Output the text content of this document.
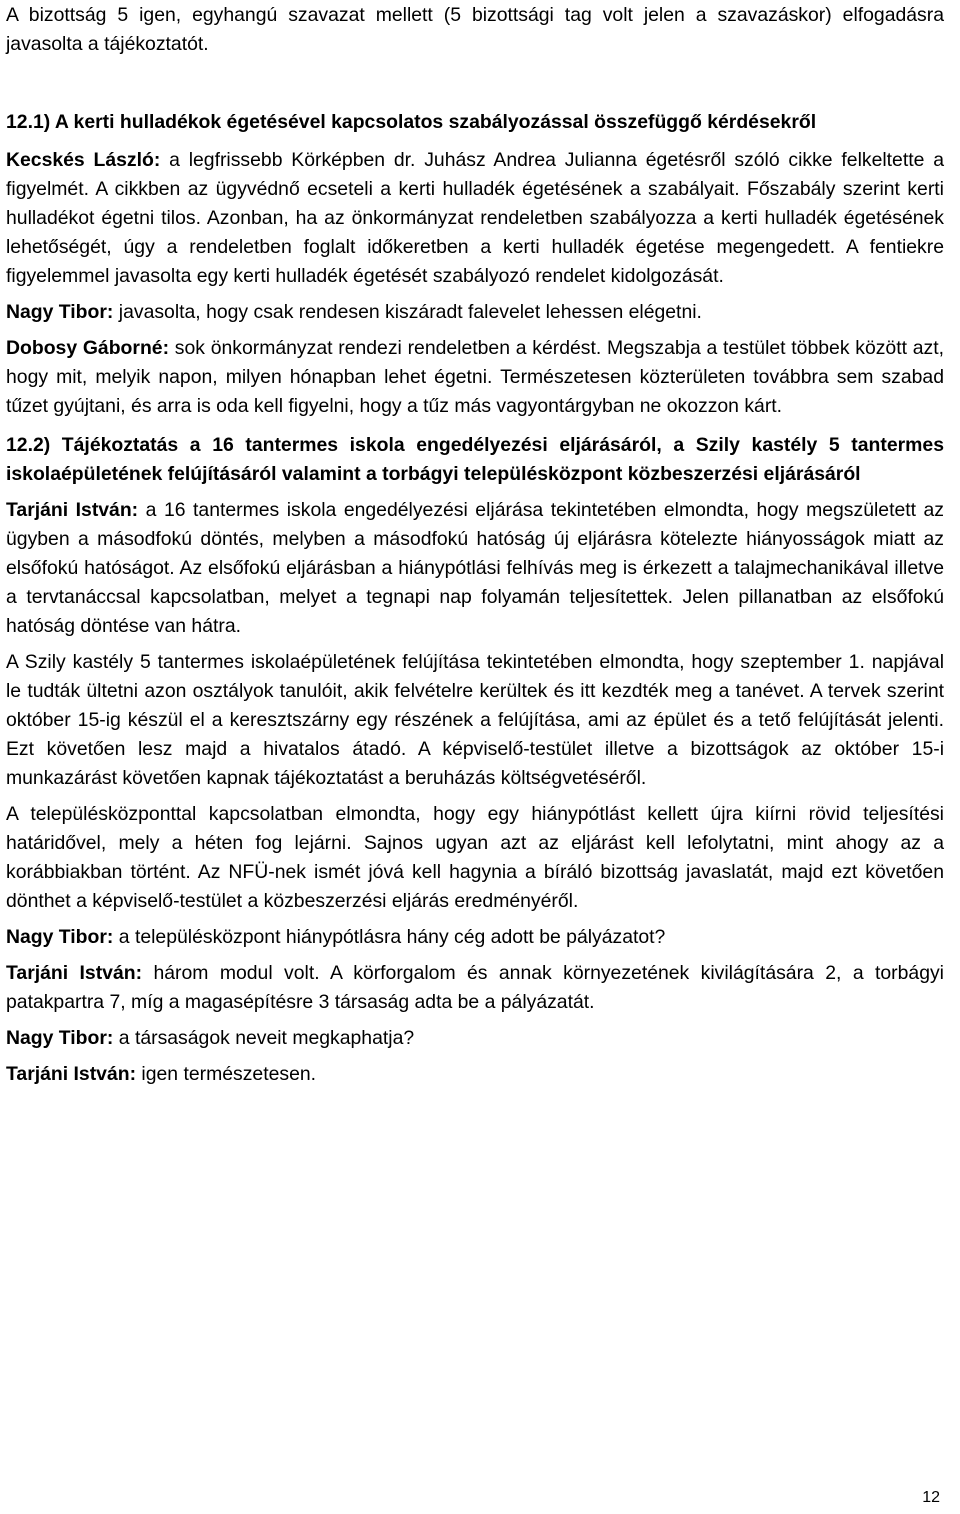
A bizottság 5 igen, egyhangú szavazat mellett (5 bizottsági tag volt jelen a szavazáskor) elfogadásra javasolta a tájékoztatót.

12.1) A kerti hulladékok égetésével kapcsolatos szabályozással összefüggő kérdésekről

Kecskés László: a legfrissebb Körképben dr. Juhász Andrea Julianna égetésről szóló cikke felkeltette a figyelmét. A cikkben az ügyvédnő ecseteli a kerti hulladék égetésének a szabályait. Főszabály szerint kerti hulladékot égetni tilos. Azonban, ha az önkormányzat rendeletben szabályozza a kerti hulladék égetésének lehetőségét, úgy a rendeletben foglalt időkeretben a kerti hulladék égetése megengedett. A fentiekre figyelemmel javasolta egy kerti hulladék égetését szabályozó rendelet kidolgozását.

Nagy Tibor: javasolta, hogy csak rendesen kiszáradt falevelet lehessen elégetni.

Dobosy Gáborné: sok önkormányzat rendezi rendeletben a kérdést. Megszabja a testület többek között azt, hogy mit, melyik napon, milyen hónapban lehet égetni. Természetesen közterületen továbbra sem szabad tűzet gyújtani, és arra is oda kell figyelni, hogy a tűz más vagyontárgyban ne okozzon kárt.

12.2) Tájékoztatás a 16 tantermes iskola engedélyezési eljárásáról, a Szily kastély 5 tantermes iskolaépületének felújításáról valamint a torbágyi településközpont közbeszerzési eljárásáról

Tarjáni István: a 16 tantermes iskola engedélyezési eljárása tekintetében elmondta, hogy megszületett az ügyben a másodfokú döntés, melyben a másodfokú hatóság új eljárásra kötelezte hiányosságok miatt az elsőfokú hatóságot. Az elsőfokú eljárásban a hiánypótlási felhívás meg is érkezett a talajmechanikával illetve a tervtanáccsal kapcsolatban, melyet a tegnapi nap folyamán teljesítettek. Jelen pillanatban az elsőfokú hatóság döntése van hátra.

A Szily kastély 5 tantermes iskolaépületének felújítása tekintetében elmondta, hogy szeptember 1. napjával le tudták ültetni azon osztályok tanulóit, akik felvételre kerültek és itt kezdték meg a tanévet. A tervek szerint október 15-ig készül el a keresztszárny egy részének a felújítása, ami az épület és a tető felújítását jelenti. Ezt követően lesz majd a hivatalos átadó. A képviselő-testület illetve a bizottságok az október 15-i munkazárást követően kapnak tájékoztatást a beruházás költségvetéséről.

A településközponttal kapcsolatban elmondta, hogy egy hiánypótlást kellett újra kiírni rövid teljesítési határidővel, mely a héten fog lejárni. Sajnos ugyan azt az eljárást kell lefolytatni, mint ahogy az a korábbiakban történt. Az NFÜ-nek ismét jóvá kell hagynia a bíráló bizottság javaslatát, majd ezt követően dönthet a képviselő-testület a közbeszerzési eljárás eredményéről.

Nagy Tibor: a településközpont hiánypótlásra hány cég adott be pályázatot?

Tarjáni István: három modul volt. A körforgalom és annak környezetének kivilágítására 2, a torbágyi patakpartra 7, míg a magasépítésre 3 társaság adta be a pályázatát.

Nagy Tibor: a társaságok neveit megkaphatja?

Tarjáni István: igen természetesen.

12
